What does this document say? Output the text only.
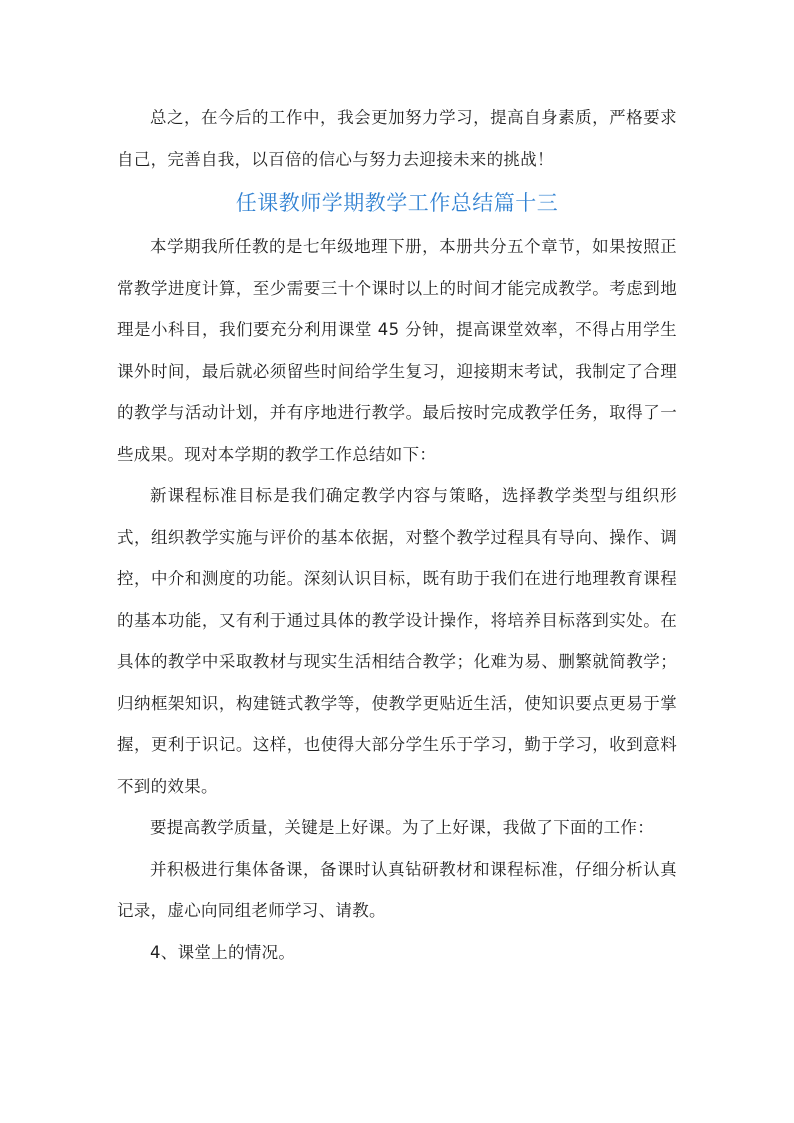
总之，在今后的工作中，我会更加努力学习，提高自身素质，严格要求自己，完善自我，以百倍的信心与努力去迎接未来的挑战！

任课教师学期教学工作总结篇十三

本学期我所任教的是七年级地理下册，本册共分五个章节，如果按照正常教学进度计算，至少需要三十个课时以上的时间才能完成教学。考虑到地理是小科目，我们要充分利用课堂 45 分钟，提高课堂效率，不得占用学生课外时间，最后就必须留些时间给学生复习，迎接期末考试，我制定了合理的教学与活动计划，并有序地进行教学。最后按时完成教学任务，取得了一些成果。现对本学期的教学工作总结如下：

新课程标准目标是我们确定教学内容与策略，选择教学类型与组织形式，组织教学实施与评价的基本依据，对整个教学过程具有导向、操作、调控，中介和测度的功能。深刻认识目标，既有助于我们在进行地理教育课程的基本功能，又有利于通过具体的教学设计操作，将培养目标落到实处。在具体的教学中采取教材与现实生活相结合教学；化难为易、删繁就简教学；归纳框架知识，构建链式教学等，使教学更贴近生活，使知识要点更易于掌握，更利于识记。这样，也使得大部分学生乐于学习，勤于学习，收到意料不到的效果。

要提高教学质量，关键是上好课。为了上好课，我做了下面的工作：

并积极进行集体备课，备课时认真钻研教材和课程标准，仔细分析认真记录，虚心向同组老师学习、请教。

4、课堂上的情况。
